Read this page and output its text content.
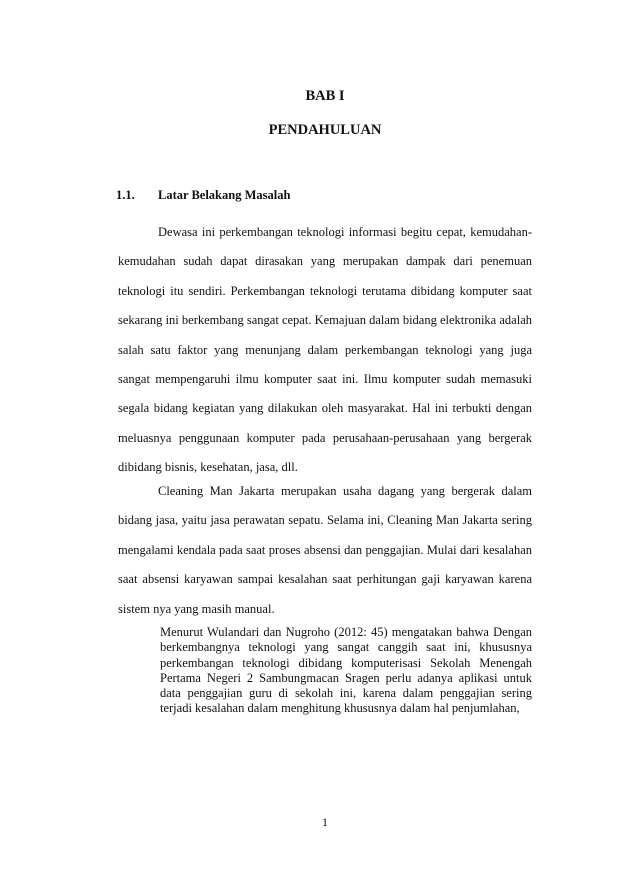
BAB I

PENDAHULUAN

1.1. Latar Belakang Masalah

Dewasa ini perkembangan teknologi informasi begitu cepat, kemudahan-kemudahan sudah dapat dirasakan yang merupakan dampak dari penemuan teknologi itu sendiri. Perkembangan teknologi terutama dibidang komputer saat sekarang ini berkembang sangat cepat. Kemajuan dalam bidang elektronika adalah salah satu faktor yang menunjang dalam perkembangan teknologi yang juga sangat mempengaruhi ilmu komputer saat ini. Ilmu komputer sudah memasuki segala bidang kegiatan yang dilakukan oleh masyarakat. Hal ini terbukti dengan meluasnya penggunaan komputer pada perusahaan-perusahaan yang bergerak dibidang bisnis, kesehatan, jasa, dll.

Cleaning Man Jakarta merupakan usaha dagang yang bergerak dalam bidang jasa, yaitu jasa perawatan sepatu. Selama ini, Cleaning Man Jakarta sering mengalami kendala pada saat proses absensi dan penggajian. Mulai dari kesalahan saat absensi karyawan sampai kesalahan saat perhitungan gaji karyawan karena sistem nya yang masih manual.

Menurut Wulandari dan Nugroho (2012: 45) mengatakan bahwa Dengan berkembangnya teknologi yang sangat canggih saat ini, khususnya perkembangan teknologi dibidang komputerisasi Sekolah Menengah Pertama Negeri 2 Sambungmacan Sragen perlu adanya aplikasi untuk data penggajian guru di sekolah ini, karena dalam penggajian sering terjadi kesalahan dalam menghitung khususnya dalam hal penjumlahan,

1
